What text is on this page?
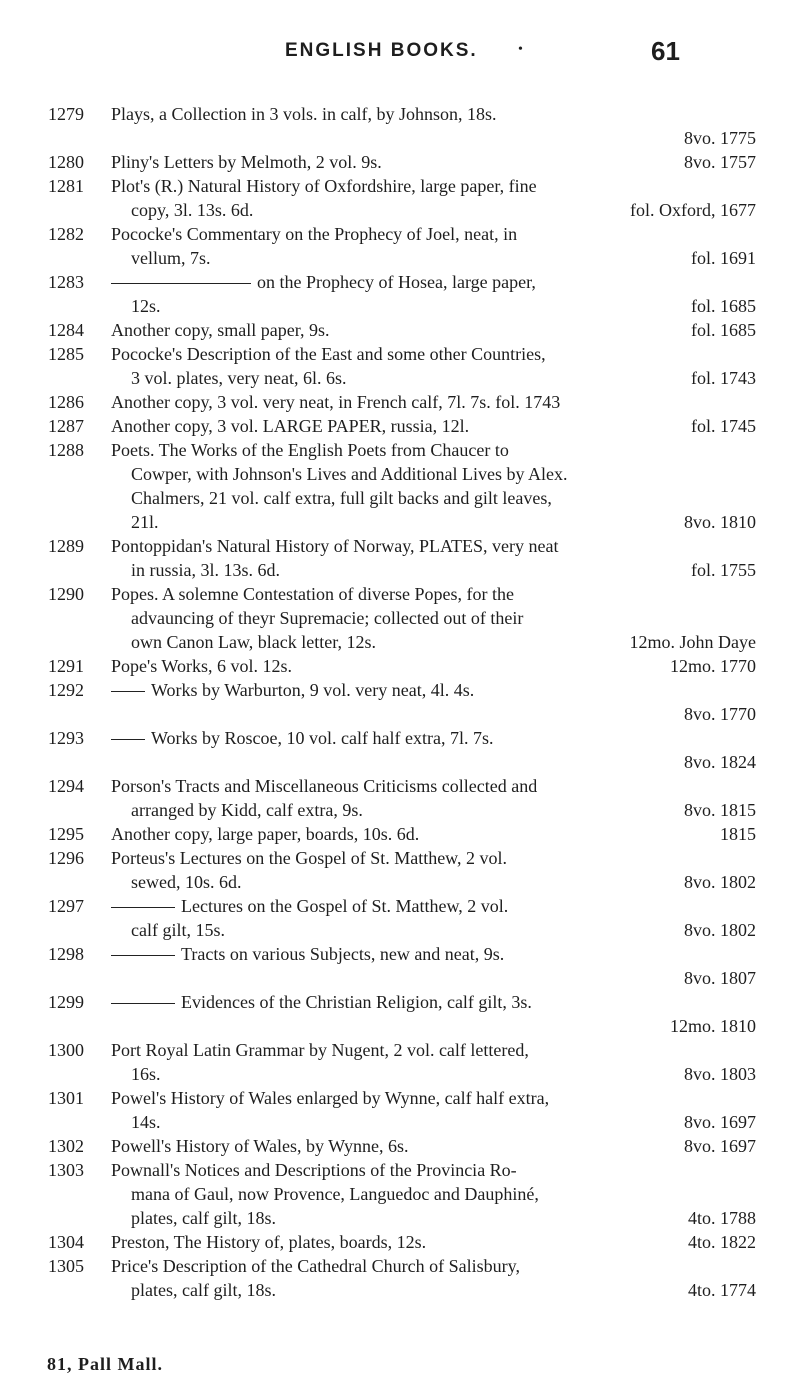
ENGLISH BOOKS.	•	61
1279	Plays, a Collection in 3 vols. in calf, by Johnson, 18s.
8vo. 1775
1280	Pliny's Letters by Melmoth, 2 vol. 9s.	8vo. 1757
1281	Plot's (R.) Natural History of Oxfordshire, large paper, fine
copy, 3l. 13s. 6d.	fol. Oxford, 1677
1282	Pococke's Commentary on the Prophecy of Joel, neat, in
vellum, 7s.	fol. 1691
1283	on the Prophecy of Hosea, large paper,
12s.	fol. 1685
1284	Another copy, small paper, 9s.	fol. 1685
1285	Pococke's Description of the East and some other Countries,
3 vol. plates, very neat, 6l. 6s.	fol. 1743
1286	Another copy, 3 vol. very neat, in French calf, 7l. 7s. fol. 1743
1287	Another copy, 3 vol. LARGE PAPER, russia, 12l.	fol. 1745
1288	Poets. The Works of the English Poets from Chaucer to
Cowper, with Johnson's Lives and Additional Lives by Alex.
Chalmers, 21 vol. calf extra, full gilt backs and gilt leaves,
21l.	8vo. 1810
1289	Pontoppidan's Natural History of Norway, PLATES, very neat
in russia, 3l. 13s. 6d.	fol. 1755
1290	Popes. A solemne Contestation of diverse Popes, for the
advauncing of theyr Supremacie; collected out of their
own Canon Law, black letter, 12s.	12mo. John Daye
1291	Pope's Works, 6 vol. 12s.	12mo. 1770
1292	Works by Warburton, 9 vol. very neat, 4l. 4s.
8vo. 1770
1293	Works by Roscoe, 10 vol. calf half extra, 7l. 7s.
8vo. 1824
1294	Porson's Tracts and Miscellaneous Criticisms collected and
arranged by Kidd, calf extra, 9s.	8vo. 1815
1295	Another copy, large paper, boards, 10s. 6d.	1815
1296	Porteus's Lectures on the Gospel of St. Matthew, 2 vol.
sewed, 10s. 6d.	8vo. 1802
1297	Lectures on the Gospel of St. Matthew, 2 vol.
calf gilt, 15s.	8vo. 1802
1298	Tracts on various Subjects, new and neat, 9s.
8vo. 1807
1299	Evidences of the Christian Religion, calf gilt, 3s.
12mo. 1810
1300	Port Royal Latin Grammar by Nugent, 2 vol. calf lettered,
16s.	8vo. 1803
1301	Powel's History of Wales enlarged by Wynne, calf half extra,
14s.	8vo. 1697
1302	Powell's History of Wales, by Wynne, 6s.	8vo. 1697
1303	Pownall's Notices and Descriptions of the Provincia Ro-
mana of Gaul, now Provence, Languedoc and Dauphiné,
plates, calf gilt, 18s.	4to. 1788
1304	Preston, The History of, plates, boards, 12s.	4to. 1822
1305	Price's Description of the Cathedral Church of Salisbury,
plates, calf gilt, 18s.	4to. 1774
81, Pall Mall.
